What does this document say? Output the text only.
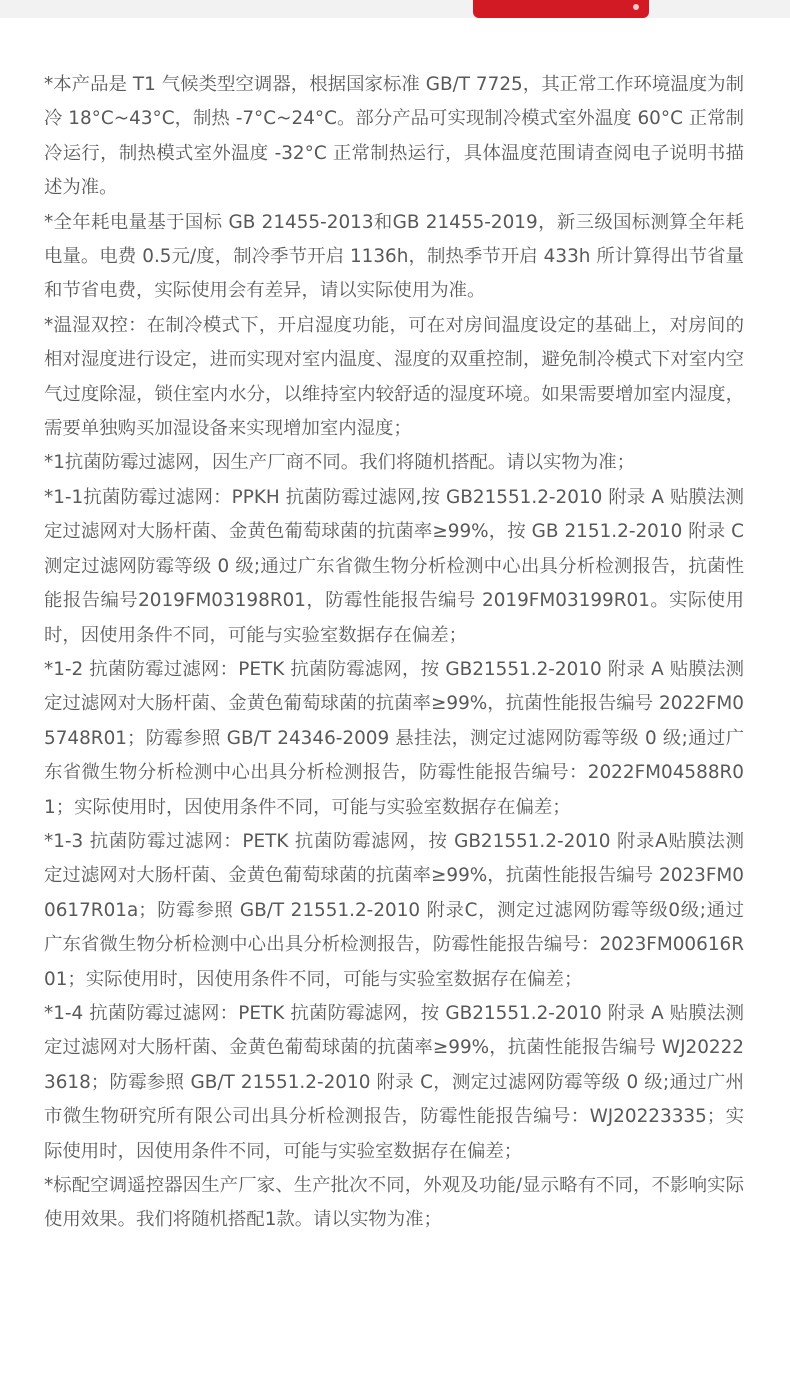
*本产品是 T1 气候类型空调器，根据国家标准 GB/T 7725，其正常工作环境温度为制冷 18°C~43°C，制热 -7°C~24°C。部分产品可实现制冷模式室外温度 60°C 正常制冷运行，制热模式室外温度 -32°C 正常制热运行，具体温度范围请查阅电子说明书描述为准。

*全年耗电量基于国标 GB 21455-2013和GB 21455-2019，新三级国标测算全年耗电量。电费 0.5元/度，制冷季节开启 1136h，制热季节开启 433h 所计算得出节省量和节省电费，实际使用会有差异，请以实际使用为准。

*温湿双控：在制冷模式下，开启湿度功能，可在对房间温度设定的基础上，对房间的相对湿度进行设定，进而实现对室内温度、湿度的双重控制，避免制冷模式下对室内空气过度除湿，锁住室内水分，以维持室内较舒适的湿度环境。如果需要增加室内湿度，需要单独购买加湿设备来实现增加室内湿度；

*1抗菌防霉过滤网，因生产厂商不同。我们将随机搭配。请以实物为准；

*1-1抗菌防霉过滤网：PPKH 抗菌防霉过滤网,按 GB21551.2-2010 附录 A 贴膜法测定过滤网对大肠杆菌、金黄色葡萄球菌的抗菌率≥99%，按 GB 2151.2-2010 附录 C 测定过滤网防霉等级 0 级;通过广东省微生物分析检测中心出具分析检测报告，抗菌性能报告编号2019FM03198R01，防霉性能报告编号 2019FM03199R01。实际使用时，因使用条件不同，可能与实验室数据存在偏差；

*1-2 抗菌防霉过滤网：PETK 抗菌防霉滤网，按 GB21551.2-2010 附录 A 贴膜法测定过滤网对大肠杆菌、金黄色葡萄球菌的抗菌率≥99%，抗菌性能报告编号 2022FM05748R01；防霉参照 GB/T 24346-2009 悬挂法，测定过滤网防霉等级 0 级;通过广东省微生物分析检测中心出具分析检测报告，防霉性能报告编号：2022FM04588R01；实际使用时，因使用条件不同，可能与实验室数据存在偏差；

*1-3 抗菌防霉过滤网：PETK 抗菌防霉滤网，按 GB21551.2-2010 附录A贴膜法测定过滤网对大肠杆菌、金黄色葡萄球菌的抗菌率≥99%，抗菌性能报告编号 2023FM00617R01a；防霉参照 GB/T 21551.2-2010 附录C，测定过滤网防霉等级0级;通过广东省微生物分析检测中心出具分析检测报告，防霉性能报告编号：2023FM00616R01；实际使用时，因使用条件不同，可能与实验室数据存在偏差；

*1-4 抗菌防霉过滤网：PETK 抗菌防霉滤网，按 GB21551.2-2010 附录 A 贴膜法测定过滤网对大肠杆菌、金黄色葡萄球菌的抗菌率≥99%，抗菌性能报告编号 WJ202223618；防霉参照 GB/T 21551.2-2010 附录 C，测定过滤网防霉等级 0 级;通过广州市微生物研究所有限公司出具分析检测报告，防霉性能报告编号：WJ20223335；实际使用时，因使用条件不同，可能与实验室数据存在偏差；

*标配空调遥控器因生产厂家、生产批次不同，外观及功能/显示略有不同，不影响实际使用效果。我们将随机搭配1款。请以实物为准；
